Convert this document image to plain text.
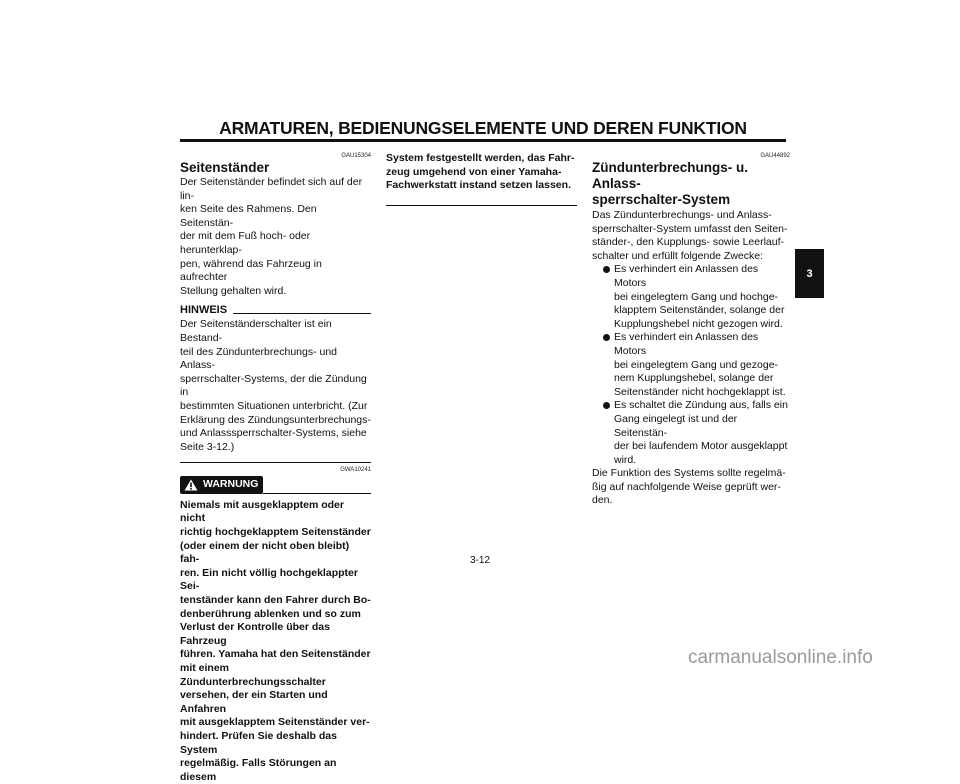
ARMATUREN, BEDIENUNGSELEMENTE UND DEREN FUNKTION
GAU15304
Seitenständer

Der Seitenständer befindet sich auf der lin-
ken Seite des Rahmens. Den Seitenstän-
der mit dem Fuß hoch- oder herunterklap-
pen, während das Fahrzeug in aufrechter
Stellung gehalten wird.

HINWEIS

Der Seitenständerschalter ist ein Bestand-
teil des Zündunterbrechungs- und Anlass-
sperrschalter-Systems, der die Zündung in
bestimmten Situationen unterbricht. (Zur
Erklärung des Zündungsunterbrechungs-
und Anlasssperrschalter-Systems, siehe
Seite 3-12.)

GWA10241
WARNUNG

Niemals mit ausgeklapptem oder nicht
richtig hochgeklapptem Seitenständer
(oder einem der nicht oben bleibt) fah-
ren. Ein nicht völlig hochgeklappter Sei-
tenständer kann den Fahrer durch Bo-
denberührung ablenken und so zum
Verlust der Kontrolle über das Fahrzeug
führen. Yamaha hat den Seitenständer
mit einem Zündunterbrechungsschalter
versehen, der ein Starten und Anfahren
mit ausgeklapptem Seitenständer ver-
hindert. Prüfen Sie deshalb das System
regelmäßig. Falls Störungen an diesem

System festgestellt werden, das Fahr-
zeug umgehend von einer Yamaha-
Fachwerkstatt instand setzen lassen.

GAU44892
Zündunterbrechungs- u. Anlass-
sperrschalter-System

Das Zündunterbrechungs- und Anlass-
sperrschalter-System umfasst den Seiten-
ständer-, den Kupplungs- sowie Leerlauf-
schalter und erfüllt folgende Zwecke:

Es verhindert ein Anlassen des Motors
bei eingelegtem Gang und hochge-
klapptem Seitenständer, solange der
Kupplungshebel nicht gezogen wird.
Es verhindert ein Anlassen des Motors
bei eingelegtem Gang und gezoge-
nem Kupplungshebel, solange der
Seitenständer nicht hochgeklappt ist.
Es schaltet die Zündung aus, falls ein
Gang eingelegt ist und der Seitenstän-
der bei laufendem Motor ausgeklappt
wird.

Die Funktion des Systems sollte regelmä-
ßig auf nachfolgende Weise geprüft wer-
den.

3
3-12
carmanualsonline.info
